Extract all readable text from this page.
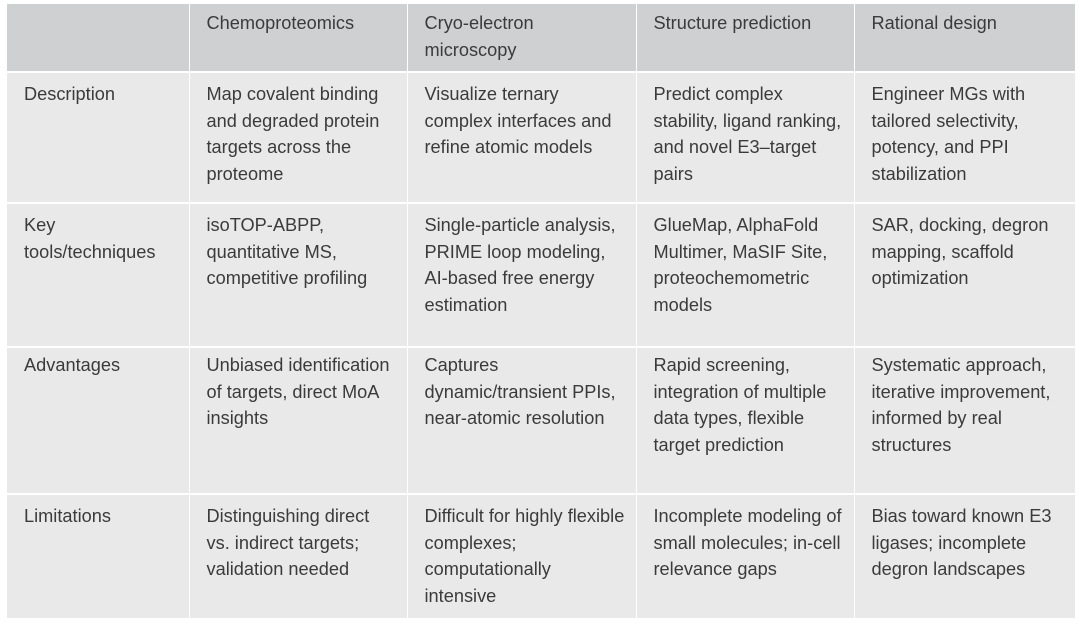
	Chemoproteomics	Cryo-electron microscopy	Structure prediction	Rational design
Description	Map covalent binding and degraded protein targets across the proteome	Visualize ternary complex interfaces and refine atomic models	Predict complex stability, ligand ranking, and novel E3–target pairs	Engineer MGs with tailored selectivity, potency, and PPI stabilization
Key tools/techniques	isoTOP-ABPP, quantitative MS, competitive profiling	Single-particle analysis, PRIME loop modeling, AI-based free energy estimation	GlueMap, AlphaFold Multimer, MaSIF Site, proteochemometric models	SAR, docking, degron mapping, scaffold optimization
Advantages	Unbiased identification of targets, direct MoA insights	Captures dynamic/transient PPIs, near-atomic resolution	Rapid screening, integration of multiple data types, flexible target prediction	Systematic approach, iterative improvement, informed by real structures
Limitations	Distinguishing direct vs. indirect targets; validation needed	Difficult for highly flexible complexes; computationally intensive	Incomplete modeling of small molecules; in-cell relevance gaps	Bias toward known E3 ligases; incomplete degron landscapes
